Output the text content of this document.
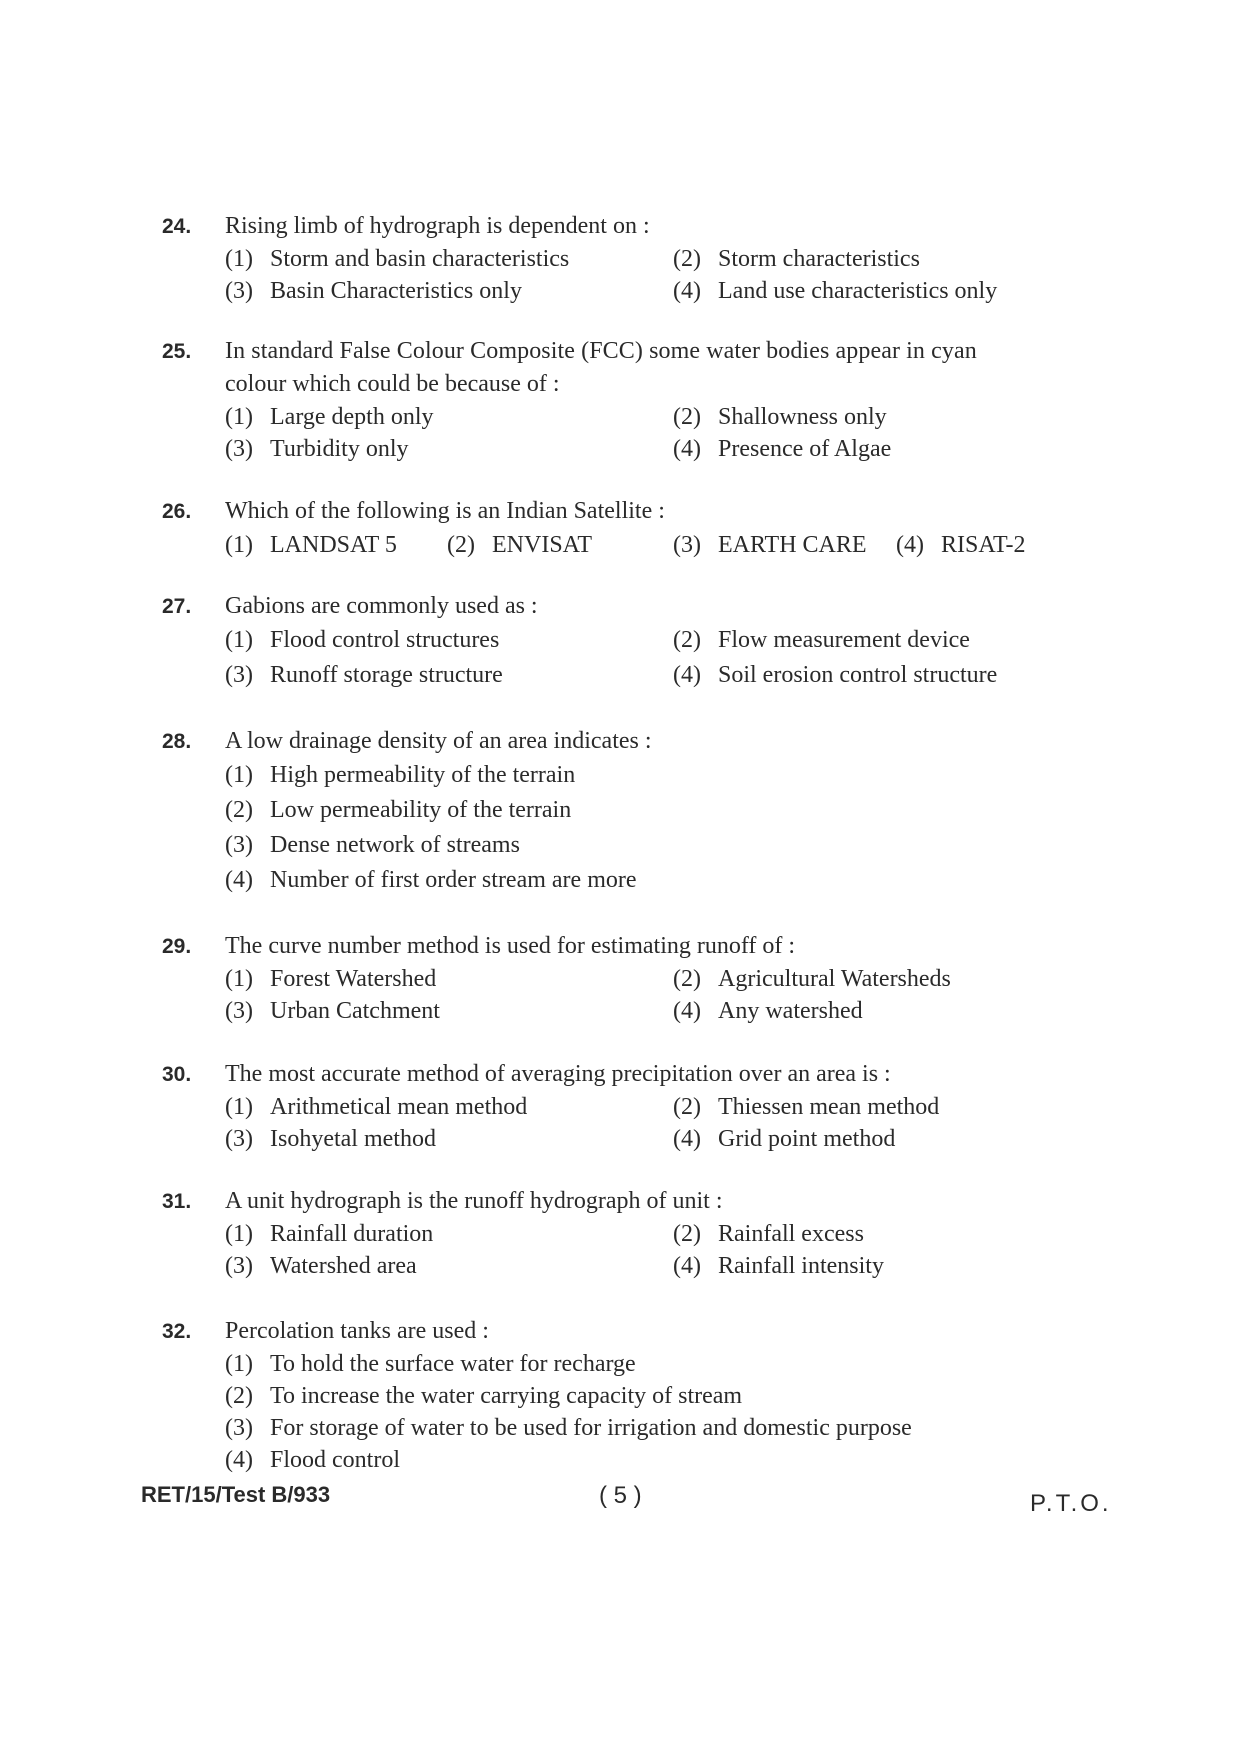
24. Rising limb of hydrograph is dependent on :
(1) Storm and basin characteristics	(2) Storm characteristics
(3) Basin Characteristics only	(4) Land use characteristics only
25. In standard False Colour Composite (FCC) some water bodies appear in cyan
colour which could be because of :
(1) Large depth only	(2) Shallowness only
(3) Turbidity only	(4) Presence of Algae
26. Which of the following is an Indian Satellite :
(1) LANDSAT 5 (2) ENVISAT	(3) EARTH CARE (4) RISAT-2
27. Gabions are commonly used as :
(1) Flood control structures	(2) Flow measurement device
(3) Runoff storage structure	(4) Soil erosion control structure
28. A low drainage density of an area indicates :
(1) High permeability of the terrain
(2) Low permeability of the terrain
(3) Dense network of streams
(4) Number of first order stream are more
29. The curve number method is used for estimating runoff of :
(1) Forest Watershed	(2) Agricultural Watersheds
(3) Urban Catchment	(4) Any watershed
30. The most accurate method of averaging precipitation over an area is :
(1) Arithmetical mean method	(2) Thiessen mean method
(3) Isohyetal method	(4) Grid point method
31. A unit hydrograph is the runoff hydrograph of unit :
(1) Rainfall duration	(2) Rainfall excess
(3) Watershed area	(4) Rainfall intensity
32. Percolation tanks are used :
(1) To hold the surface water for recharge
(2) To increase the water carrying capacity of stream
(3) For storage of water to be used for irrigation and domestic purpose
(4) Flood control
RET/15/Test B/933	( 5 )	P.T.O.
